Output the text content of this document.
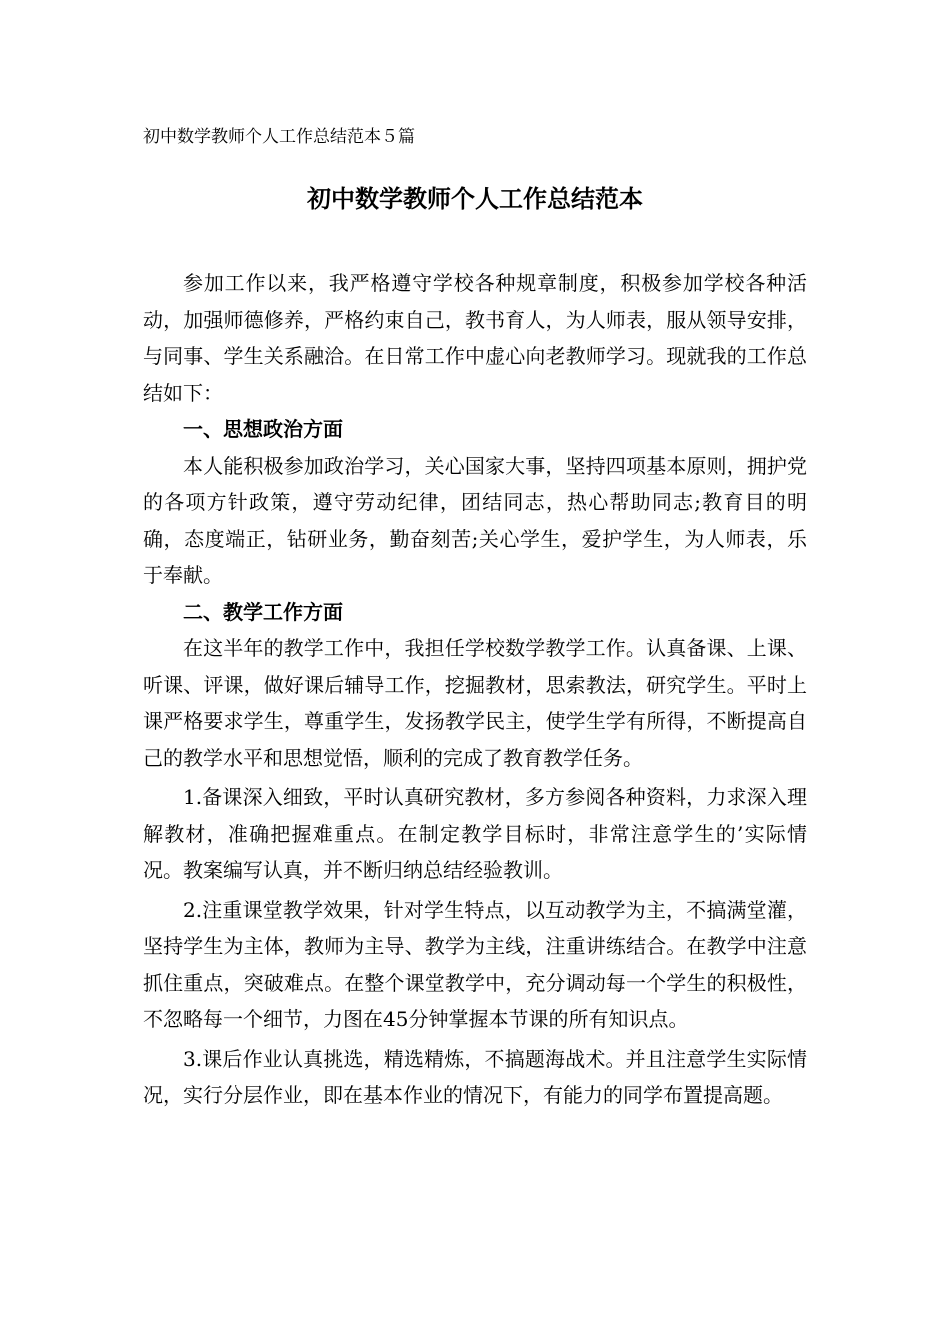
初中数学教师个人工作总结范本５篇
初中数学教师个人工作总结范本

参加工作以来，我严格遵守学校各种规章制度，积极参加学校各种活动，加强师德修养，严格约束自己，教书育人，为人师表，服从领导安排，与同事、学生关系融洽。在日常工作中虚心向老教师学习。现就我的工作总结如下：

一、思想政治方面

本人能积极参加政治学习，关心国家大事，坚持四项基本原则，拥护党的各项方针政策，遵守劳动纪律，团结同志，热心帮助同志;教育目的明确，态度端正，钻研业务，勤奋刻苦;关心学生，爱护学生，为人师表，乐于奉献。

二、教学工作方面

在这半年的教学工作中，我担任学校数学教学工作。认真备课、上课、听课、评课，做好课后辅导工作，挖掘教材，思索教法，研究学生。平时上课严格要求学生，尊重学生，发扬教学民主，使学生学有所得，不断提高自己的教学水平和思想觉悟，顺利的完成了教育教学任务。

1.备课深入细致，平时认真研究教材，多方参阅各种资料，力求深入理解教材，准确把握难重点。在制定教学目标时，非常注意学生的’实际情况。教案编写认真，并不断归纳总结经验教训。

2.注重课堂教学效果，针对学生特点，以互动教学为主，不搞满堂灌，坚持学生为主体，教师为主导、教学为主线，注重讲练结合。在教学中注意抓住重点，突破难点。在整个课堂教学中，充分调动每一个学生的积极性，不忽略每一个细节，力图在45分钟掌握本节课的所有知识点。

3.课后作业认真挑选，精选精炼，不搞题海战术。并且注意学生实际情况，实行分层作业，即在基本作业的情况下，有能力的同学布置提高题。
